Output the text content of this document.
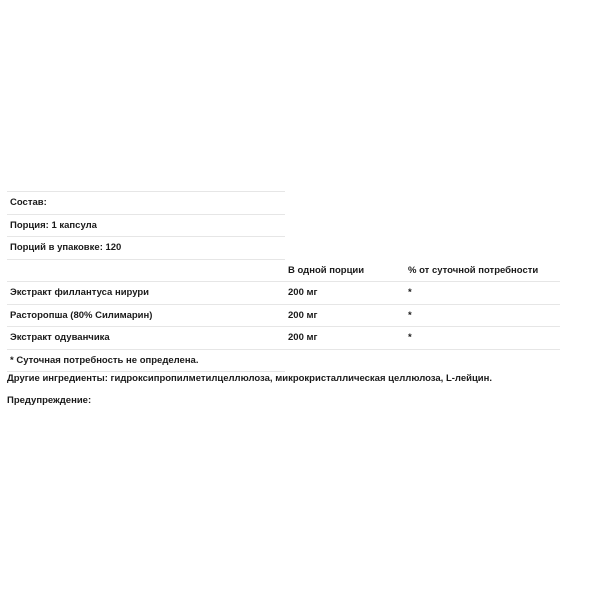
Состав:		
Порция: 1 капсула		
Порций в упаковке: 120		
	В одной порции	% от суточной потребности
Экстракт филлантуса нирури	200 мг	*
Расторопша (80% Силимарин)	200 мг	*
Экстракт одуванчика	200 мг	*
* Суточная потребность не определена.		
Другие ингредиенты: гидроксипропилметилцеллюлоза, микрокристаллическая целлюлоза, L-лейцин.
Предупреждение:
